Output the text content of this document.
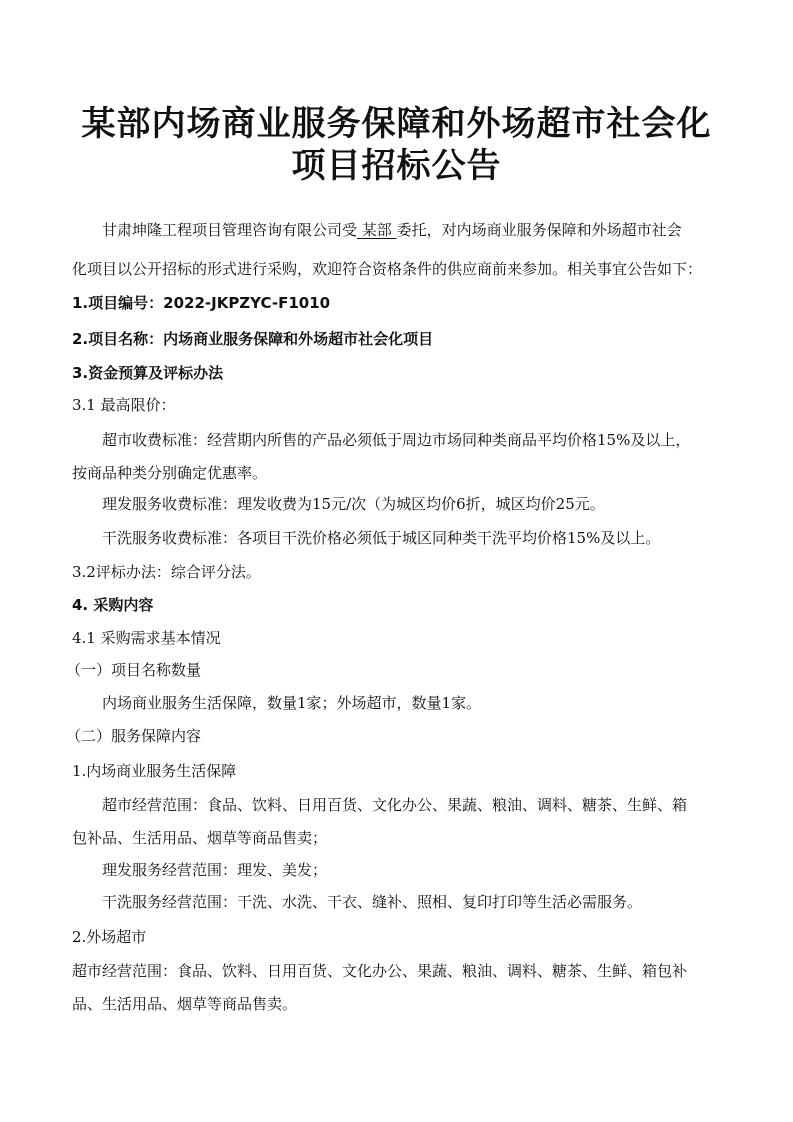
某部内场商业服务保障和外场超市社会化
项目招标公告
甘肃坤隆工程项目管理咨询有限公司受 某部 委托，对内场商业服务保障和外场超市社会
化项目以公开招标的形式进行采购，欢迎符合资格条件的供应商前来参加。相关事宜公告如下：
1.项目编号：2022-JKPZYC-F1010
2.项目名称：内场商业服务保障和外场超市社会化项目
3.资金预算及评标办法
3.1 最高限价：
超市收费标准：经营期内所售的产品必须低于周边市场同种类商品平均价格15%及以上，
按商品种类分别确定优惠率。
理发服务收费标准：理发收费为15元/次（为城区均价6折，城区均价25元。
干洗服务收费标准：各项目干洗价格必须低于城区同种类干洗平均价格15%及以上。
3.2评标办法：综合评分法。
4. 采购内容
4.1 采购需求基本情况
（一）项目名称数量
内场商业服务生活保障，数量1家；外场超市，数量1家。
（二）服务保障内容
1.内场商业服务生活保障
超市经营范围：食品、饮料、日用百货、文化办公、果蔬、粮油、调料、糖茶、生鲜、箱
包补品、生活用品、烟草等商品售卖；
理发服务经营范围：理发、美发；
干洗服务经营范围：干洗、水洗、干衣、缝补、照相、复印打印等生活必需服务。
2.外场超市
超市经营范围：食品、饮料、日用百货、文化办公、果蔬、粮油、调料、糖茶、生鲜、箱包补
品、生活用品、烟草等商品售卖。
